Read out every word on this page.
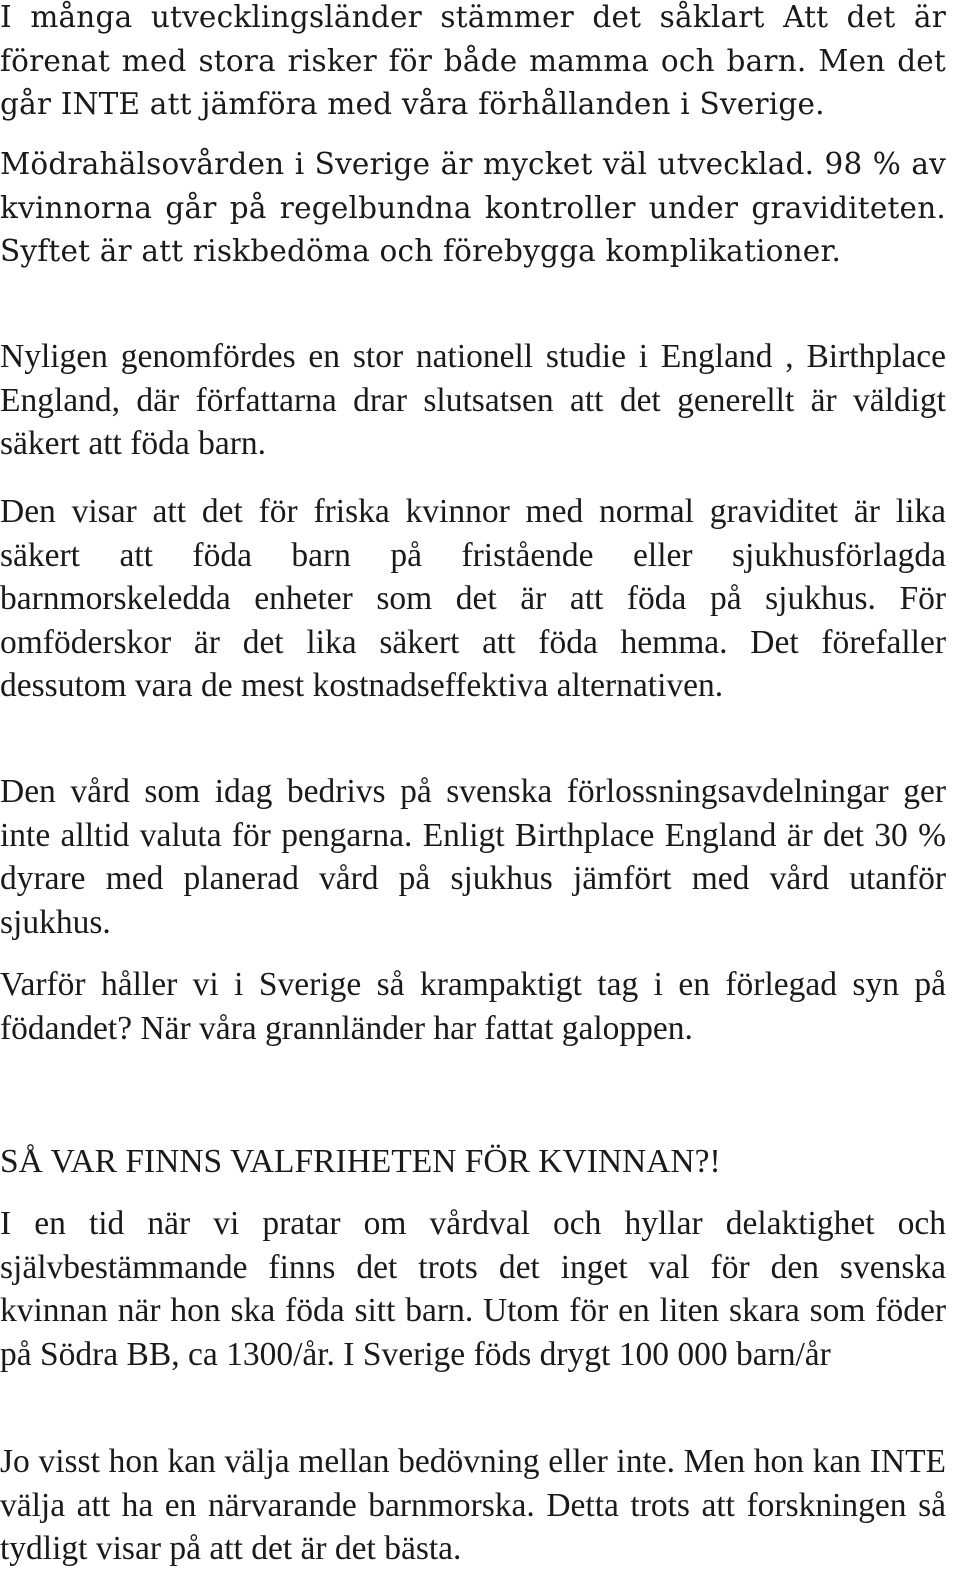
I många utvecklingsländer stämmer det såklart Att det är förenat med stora risker för både mamma och barn. Men det går INTE att jämföra med våra förhållanden i Sverige.

Mödrahälsovården i Sverige är mycket väl utvecklad. 98 % av kvinnorna går på regelbundna kontroller under graviditeten. Syftet är att riskbedöma och förebygga komplikationer.

Nyligen genomfördes en stor nationell studie i England , Birthplace England, där författarna drar slutsatsen att det generellt är väldigt säkert att föda barn.

Den visar att det för friska kvinnor med normal graviditet är lika säkert att föda barn på fristående eller sjukhusförlagda barnmorskeledda enheter som det är att föda på sjukhus. För omföderskor är det lika säkert att föda hemma. Det förefaller dessutom vara de mest kostnadseffektiva alternativen.

Den vård som idag bedrivs på svenska förlossningsavdelningar ger inte alltid valuta för pengarna. Enligt Birthplace England är det 30 % dyrare med planerad vård på sjukhus jämfört med vård utanför sjukhus.

Varför håller vi i Sverige så krampaktigt tag i en förlegad syn på födandet? När våra grannländer har fattat galoppen.

SÅ VAR FINNS VALFRIHETEN FÖR KVINNAN?!

I en tid när vi pratar om vårdval och hyllar delaktighet och självbestämmande finns det trots det inget val för den svenska kvinnan när hon ska föda sitt barn. Utom för en liten skara som föder på Södra BB, ca 1300/år. I Sverige föds drygt 100 000 barn/år

Jo visst hon kan välja mellan bedövning eller inte. Men hon kan INTE välja att ha en närvarande barnmorska. Detta trots att forskningen så tydligt visar på att det är det bästa.
